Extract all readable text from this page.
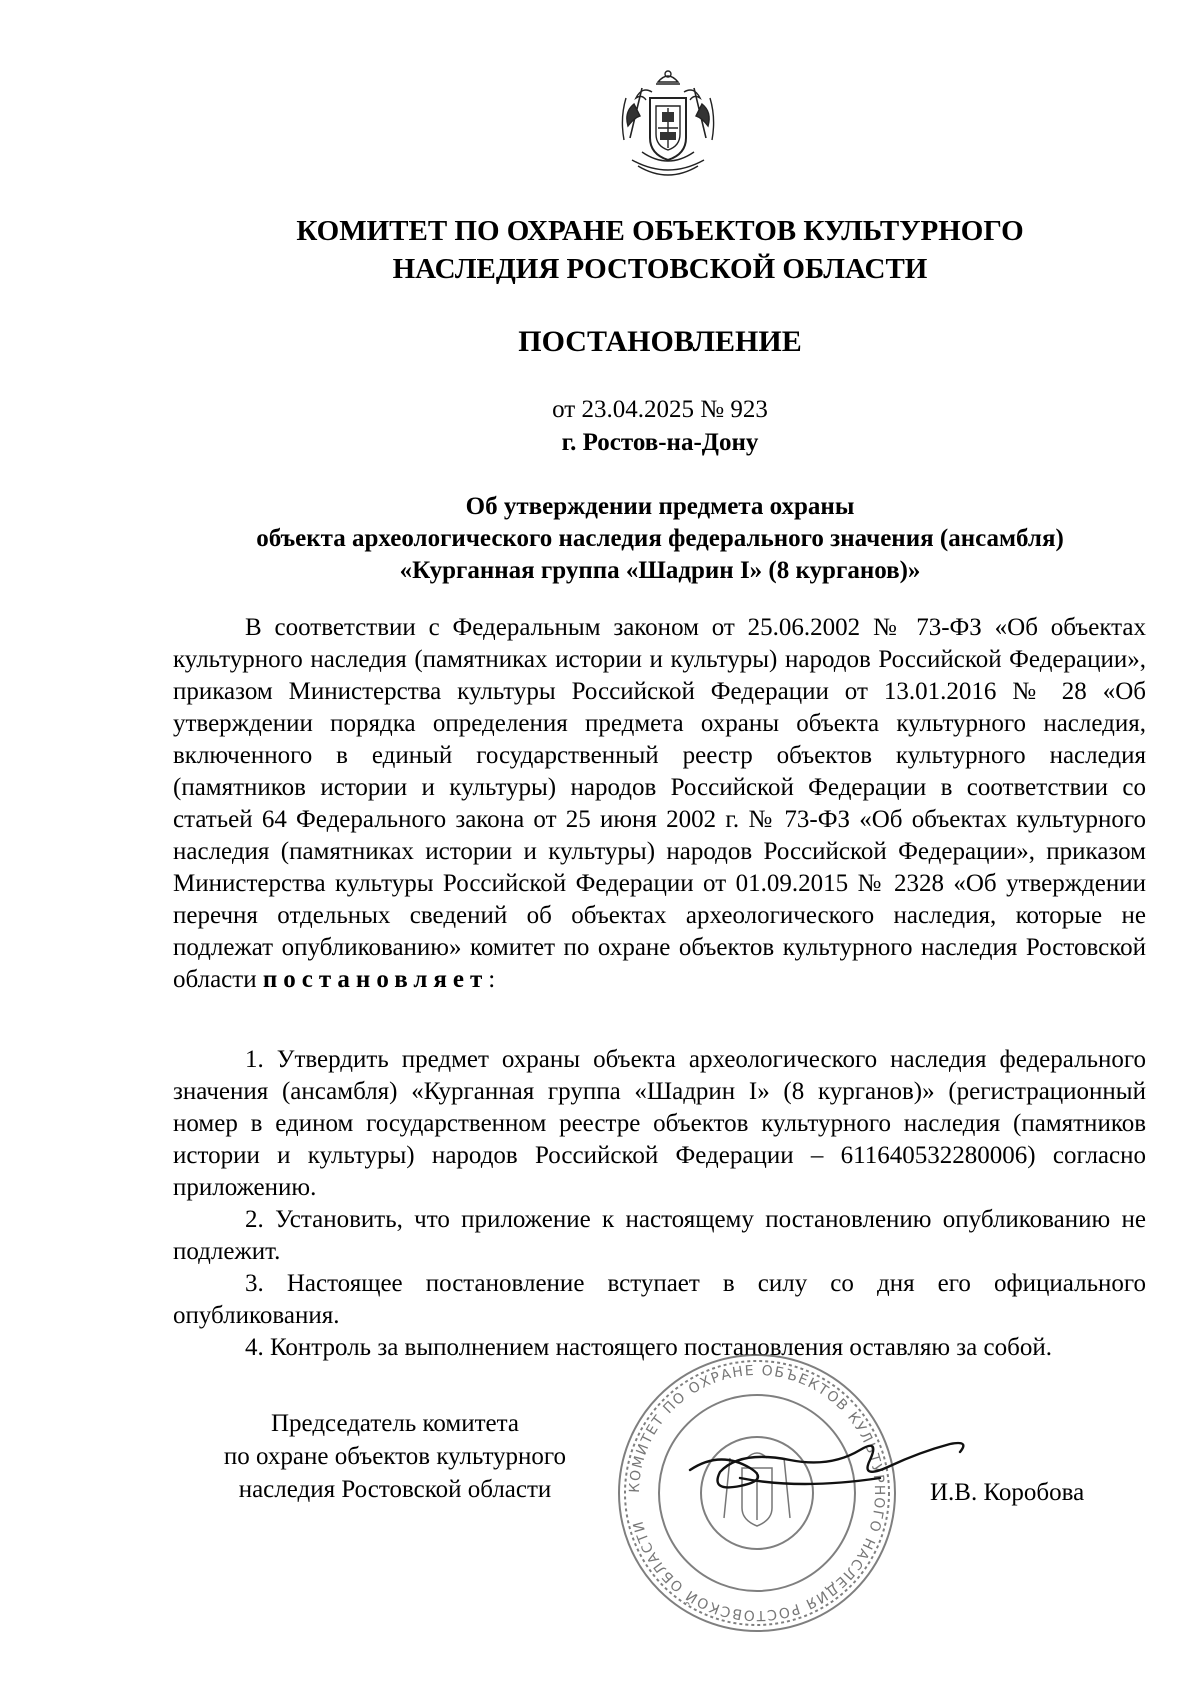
КОМИТЕТ ПО ОХРАНЕ ОБЪЕКТОВ КУЛЬТУРНОГО
НАСЛЕДИЯ РОСТОВСКОЙ ОБЛАСТИ
ПОСТАНОВЛЕНИЕ
от 23.04.2025 № 923
г. Ростов-на-Дону
Об утверждении предмета охраны
объекта археологического наследия федерального значения (ансамбля)
«Курганная группа «Шадрин I» (8 курганов)»

В соответствии с Федеральным законом от 25.06.2002 № 73-ФЗ «Об объектах культурного наследия (памятниках истории и культуры) народов Российской Федерации», приказом Министерства культуры Российской Федерации от 13.01.2016 № 28 «Об утверждении порядка определения предмета охраны объекта культурного наследия, включенного в единый государственный реестр объектов культурного наследия (памятников истории и культуры) народов Российской Федерации в соответствии со статьей 64 Федерального закона от 25 июня 2002 г. № 73-ФЗ «Об объектах культурного наследия (памятниках истории и культуры) народов Российской Федерации», приказом Министерства культуры Российской Федерации от 01.09.2015 № 2328 «Об утверждении перечня отдельных сведений об объектах археологического наследия, которые не подлежат опубликованию» комитет по охране объектов культурного наследия Ростовской области постановляет:

1. Утвердить предмет охраны объекта археологического наследия федерального значения (ансамбля) «Курганная группа «Шадрин I» (8 курганов)» (регистрационный номер в едином государственном реестре объектов культурного наследия (памятников истории и культуры) народов Российской Федерации – 611640532280006) согласно приложению.

2. Установить, что приложение к настоящему постановлению опубликованию не подлежит.

3. Настоящее постановление вступает в силу со дня его официального опубликования.

4. Контроль за выполнением настоящего постановления оставляю за собой.

Председатель комитета
по охране объектов культурного
наследия Ростовской области	КОМИТЕТ ПО ОХРАНЕ ОБЪЕКТОВ КУЛЬТУРНОГО НАСЛЕДИЯ РОСТОВСКОЙ ОБЛАСТИ
И.В. Коробова
